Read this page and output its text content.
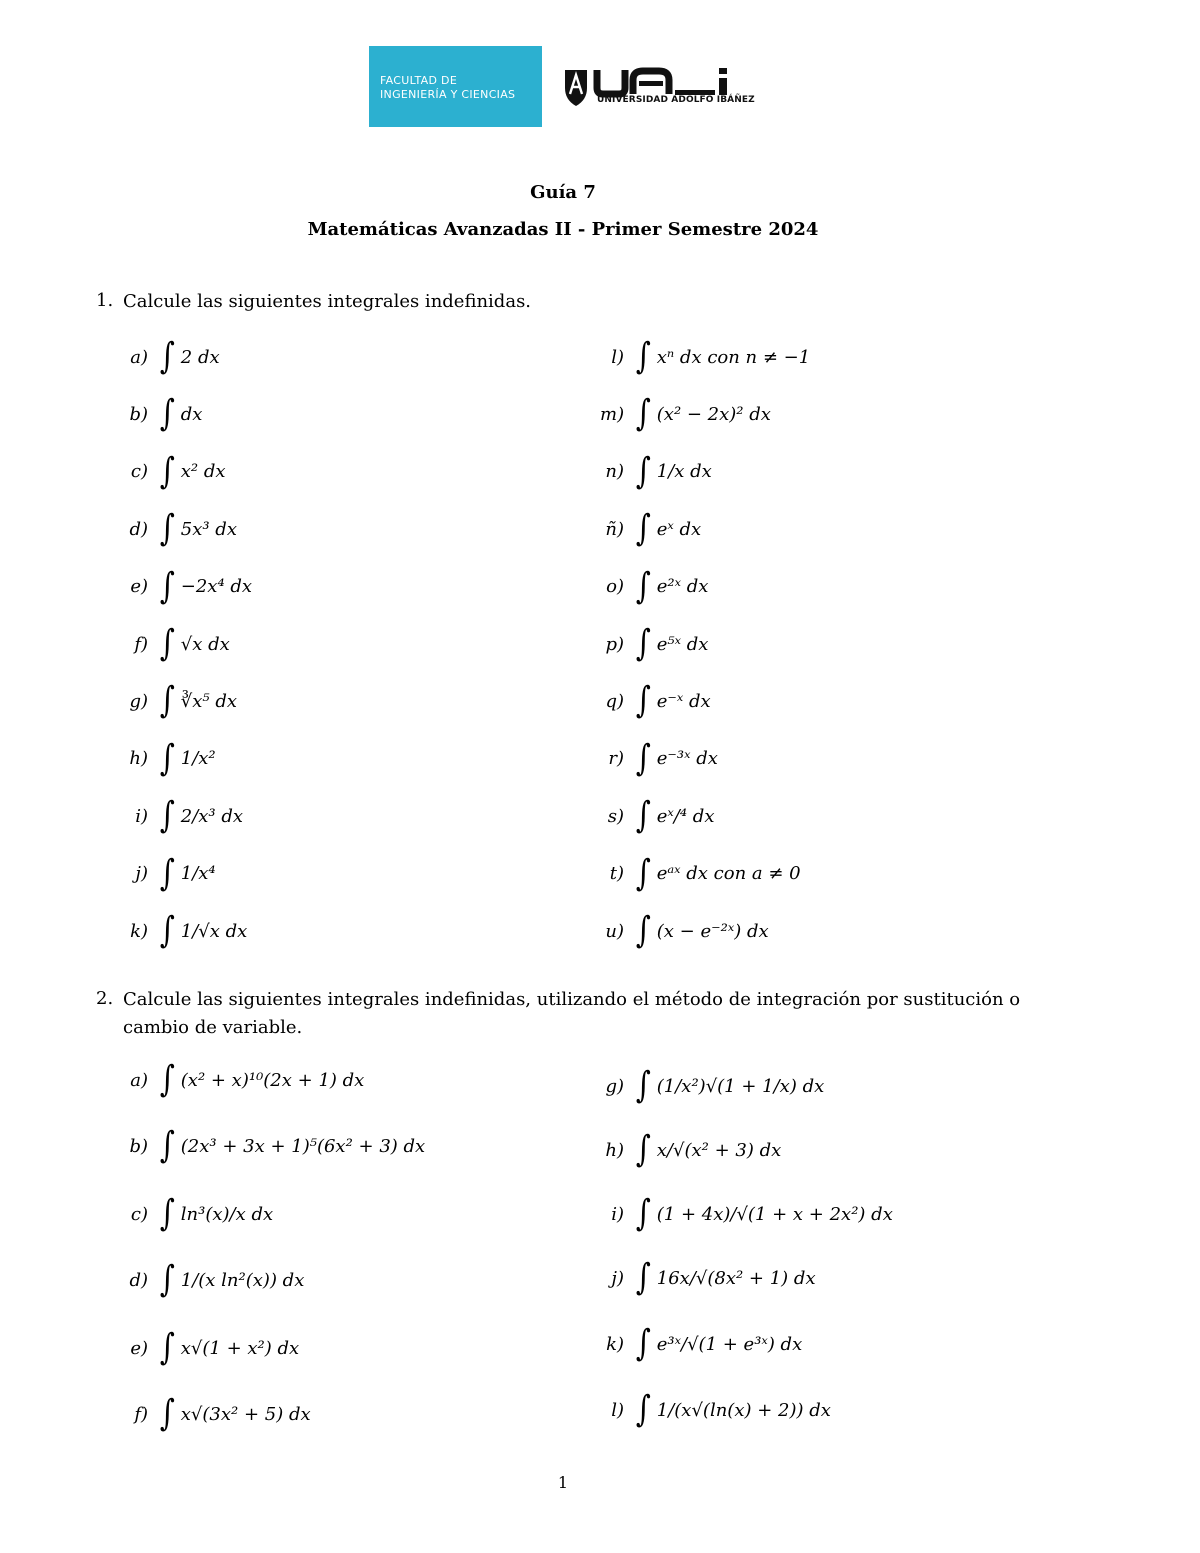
FACULTAD DE
INGENIERÍA Y CIENCIAS	UNIVERSIDAD ADOLFO IBÁÑEZ
Guía 7
Matemáticas Avanzadas II - Primer Semestre 2024
1. Calcule las siguientes integrales indefinidas.
a) ∫ 2 dx
b) ∫ dx
c) ∫ x² dx
d) ∫ 5x³ dx
e) ∫ −2x⁴ dx
f) ∫ √x dx
g) ∫ ∛x⁵ dx
h) ∫ 1/x²
i) ∫ 2/x³ dx
j) ∫ 1/x⁴
k) ∫ 1/√x dx
l) ∫ xⁿ dx con n ≠ −1
m) ∫ (x² − 2x)² dx
n) ∫ 1/x dx
ñ) ∫ eˣ dx
o) ∫ e²ˣ dx
p) ∫ e⁵ˣ dx
q) ∫ e⁻ˣ dx
r) ∫ e⁻³ˣ dx
s) ∫ eˣ/⁴ dx
t) ∫ eᵃˣ dx con a ≠ 0
u) ∫ (x − e⁻²ˣ) dx
2. Calcule las siguientes integrales indefinidas, utilizando el método de integración por sustitución o cambio de variable.
a) ∫ (x² + x)¹⁰(2x + 1) dx
b) ∫ (2x³ + 3x + 1)⁵(6x² + 3) dx
c) ∫ ln³(x)/x dx
d) ∫ 1/(x ln²(x)) dx
e) ∫ x√(1 + x²) dx
f) ∫ x√(3x² + 5) dx
g) ∫ (1/x²)√(1 + 1/x) dx
h) ∫ x/√(x² + 3) dx
i) ∫ (1 + 4x)/√(1 + x + 2x²) dx
j) ∫ 16x/√(8x² + 1) dx
k) ∫ e³ˣ/√(1 + e³ˣ) dx
l) ∫ 1/(x√(ln(x) + 2)) dx
1
